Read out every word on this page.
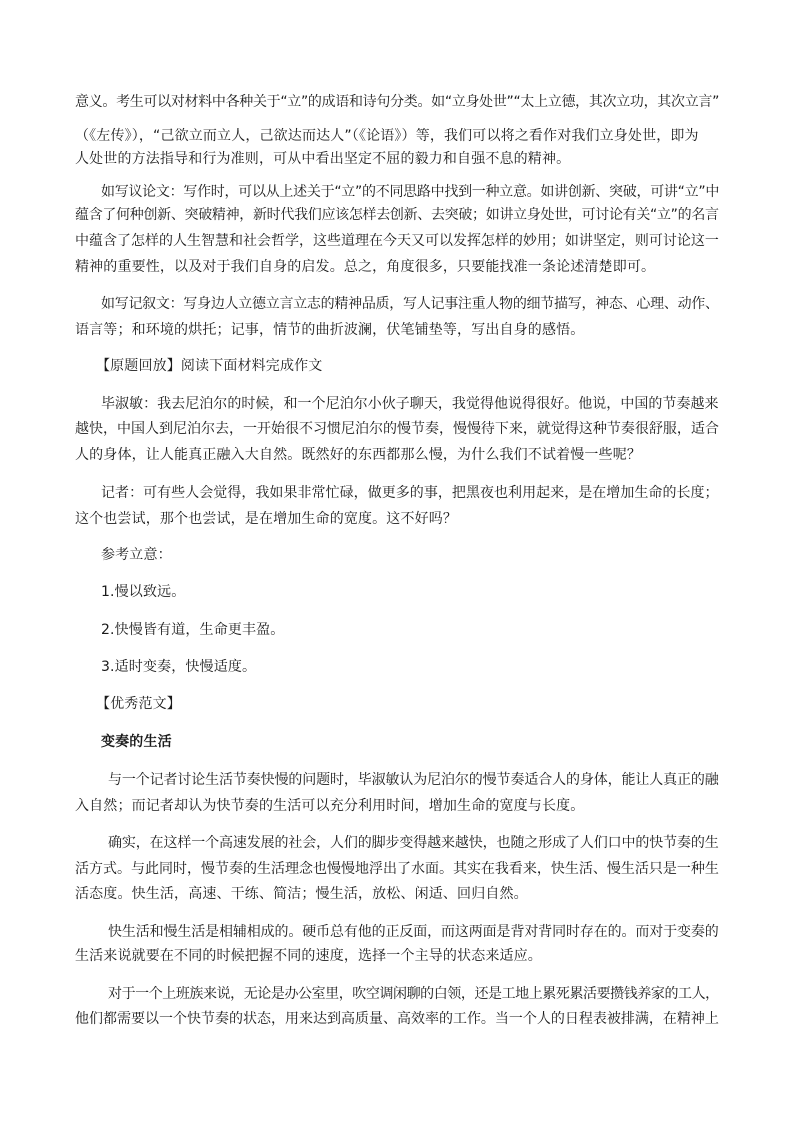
意义。考生可以对材料中各种关于“立”的成语和诗句分类。如“立身处世”“太上立德，其次立功，其次立言”
（《左传》），“己欲立而立人，己欲达而达人”（《论语》）等，我们可以将之看作对我们立身处世，即为
人处世的方法指导和行为准则，可从中看出坚定不屈的毅力和自强不息的精神。
如写议论文：写作时，可以从上述关于“立”的不同思路中找到一种立意。如讲创新、突破，可讲“立”中
蕴含了何种创新、突破精神，新时代我们应该怎样去创新、去突破；如讲立身处世，可讨论有关“立”的名言
中蕴含了怎样的人生智慧和社会哲学，这些道理在今天又可以发挥怎样的妙用；如讲坚定，则可讨论这一
精神的重要性，以及对于我们自身的启发。总之，角度很多，只要能找准一条论述清楚即可。
如写记叙文：写身边人立德立言立志的精神品质，写人记事注重人物的细节描写，神态、心理、动作、
语言等；和环境的烘托；记事，情节的曲折波澜，伏笔铺垫等，写出自身的感悟。
【原题回放】阅读下面材料完成作文
毕淑敏：我去尼泊尔的时候，和一个尼泊尔小伙子聊天，我觉得他说得很好。他说，中国的节奏越来
越快，中国人到尼泊尔去，一开始很不习惯尼泊尔的慢节奏，慢慢待下来，就觉得这种节奏很舒服，适合
人的身体，让人能真正融入大自然。既然好的东西都那么慢，为什么我们不试着慢一些呢？
记者：可有些人会觉得，我如果非常忙碌，做更多的事，把黑夜也利用起来，是在增加生命的长度；
这个也尝试，那个也尝试，是在增加生命的宽度。这不好吗？
参考立意：
1.慢以致远。
2.快慢皆有道，生命更丰盈。
3.适时变奏，快慢适度。
【优秀范文】
变奏的生活
与一个记者讨论生活节奏快慢的问题时，毕淑敏认为尼泊尔的慢节奏适合人的身体，能让人真正的融
入自然；而记者却认为快节奏的生活可以充分利用时间，增加生命的宽度与长度。
确实，在这样一个高速发展的社会，人们的脚步变得越来越快，也随之形成了人们口中的快节奏的生
活方式。与此同时，慢节奏的生活理念也慢慢地浮出了水面。其实在我看来，快生活、慢生活只是一种生
活态度。快生活，高速、干练、简洁；慢生活，放松、闲适、回归自然。
快生活和慢生活是相辅相成的。硬币总有他的正反面，而这两面是背对背同时存在的。而对于变奏的
生活来说就要在不同的时候把握不同的速度，选择一个主导的状态来适应。
对于一个上班族来说，无论是办公室里，吹空调闲聊的白领，还是工地上累死累活要攒钱养家的工人，
他们都需要以一个快节奏的状态，用来达到高质量、高效率的工作。当一个人的日程表被排满，在精神上
